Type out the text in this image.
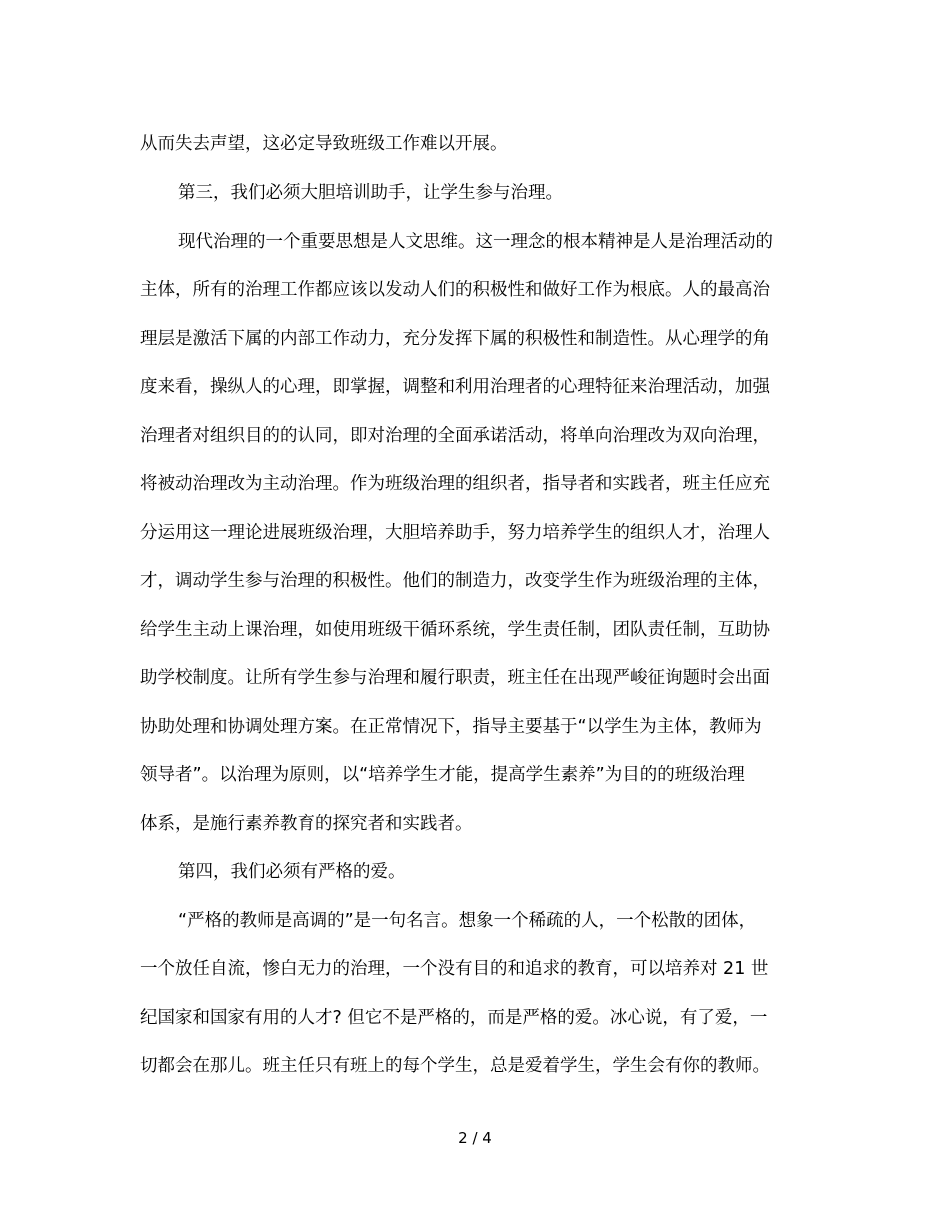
从而失去声望，这必定导致班级工作难以开展。
第三，我们必须大胆培训助手，让学生参与治理。
现代治理的一个重要思想是人文思维。这一理念的根本精神是人是治理活动的
主体，所有的治理工作都应该以发动人们的积极性和做好工作为根底。人的最高治
理层是激活下属的内部工作动力，充分发挥下属的积极性和制造性。从心理学的角
度来看，操纵人的心理，即掌握，调整和利用治理者的心理特征来治理活动，加强
治理者对组织目的的认同，即对治理的全面承诺活动，将单向治理改为双向治理，
将被动治理改为主动治理。作为班级治理的组织者，指导者和实践者，班主任应充
分运用这一理论进展班级治理，大胆培养助手，努力培养学生的组织人才，治理人
才，调动学生参与治理的积极性。他们的制造力，改变学生作为班级治理的主体，
给学生主动上课治理，如使用班级干循环系统，学生责任制，团队责任制，互助协
助学校制度。让所有学生参与治理和履行职责，班主任在出现严峻征询题时会出面
协助处理和协调处理方案。在正常情况下，指导主要基于“以学生为主体，教师为
领导者”。以治理为原则，以“培养学生才能，提高学生素养”为目的的班级治理
体系，是施行素养教育的探究者和实践者。
第四，我们必须有严格的爱。
“严格的教师是高调的”是一句名言。想象一个稀疏的人，一个松散的团体，
一个放任自流，惨白无力的治理，一个没有目的和追求的教育，可以培养对 21 世
纪国家和国家有用的人才? 但它不是严格的，而是严格的爱。冰心说，有了爱，一
切都会在那儿。班主任只有班上的每个学生，总是爱着学生，学生会有你的教师。
2 / 4
